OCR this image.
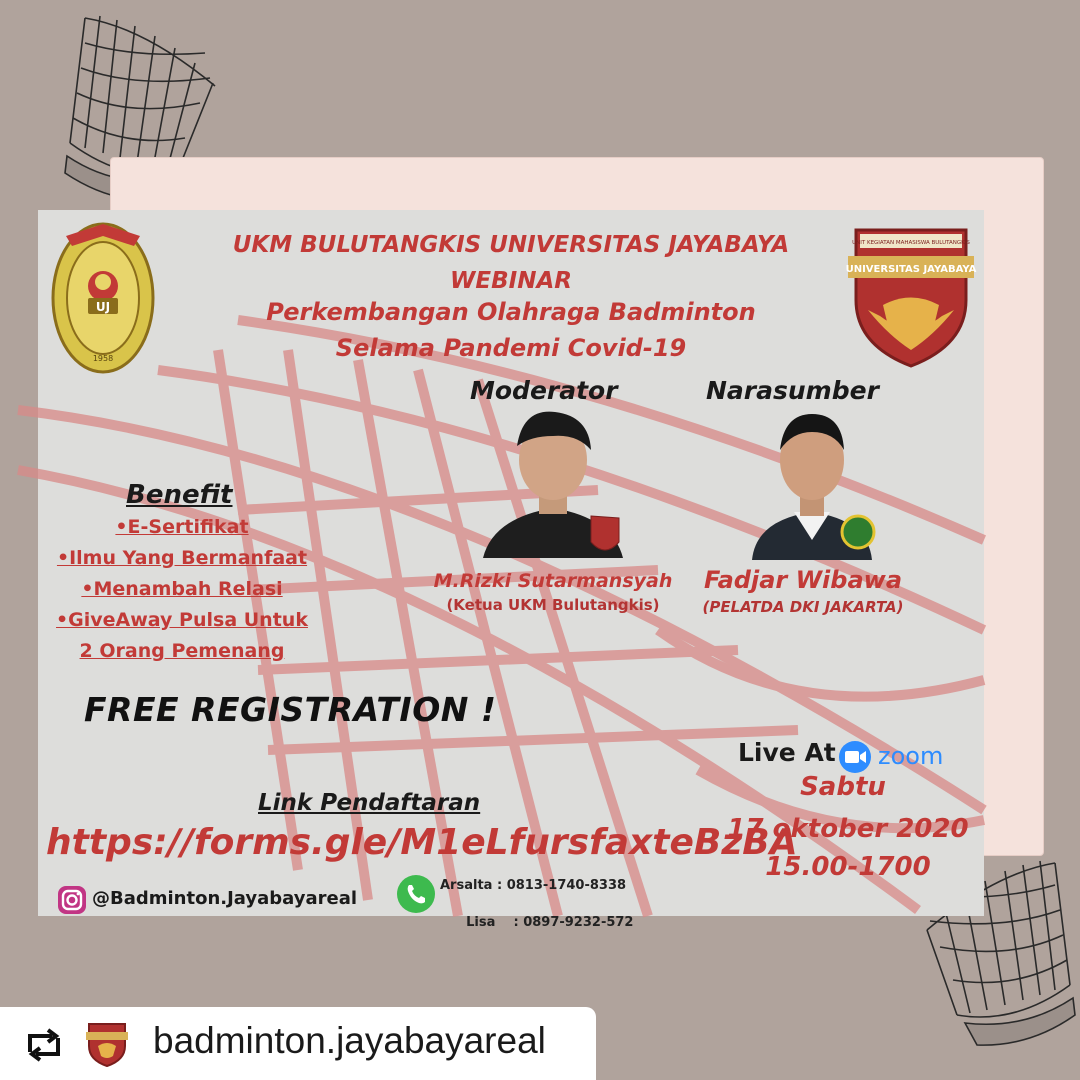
UJ
1958
UNIT KEGIATAN MAHASISWA BULUTANGKIS
UNIVERSITAS JAYABAYA
UKM BULUTANGKIS UNIVERSITAS JAYABAYA
WEBINAR
Perkembangan Olahraga Badminton
Selama Pandemi Covid-19
Moderator
M.Rizki Sutarmansyah
(Ketua UKM Bulutangkis)
Narasumber
Fadjar Wibawa
(PELATDA DKI JAKARTA)
Benefit
•E-Sertifikat
•Ilmu Yang Bermanfaat
•Menambah Relasi
•GiveAway Pulsa Untuk
2 Orang Pemenang
FREE REGISTRATION !
Link Pendaftaran
https://forms.gle/M1eLfursfaxteBzBA
Live At zoom
Sabtu
17 oktober 2020
15.00-1700
@Badminton.Jayabayareal
Arsalta : 0813-1740-8338

Lisa    : 0897-9232-572

badminton.jayabayareal
